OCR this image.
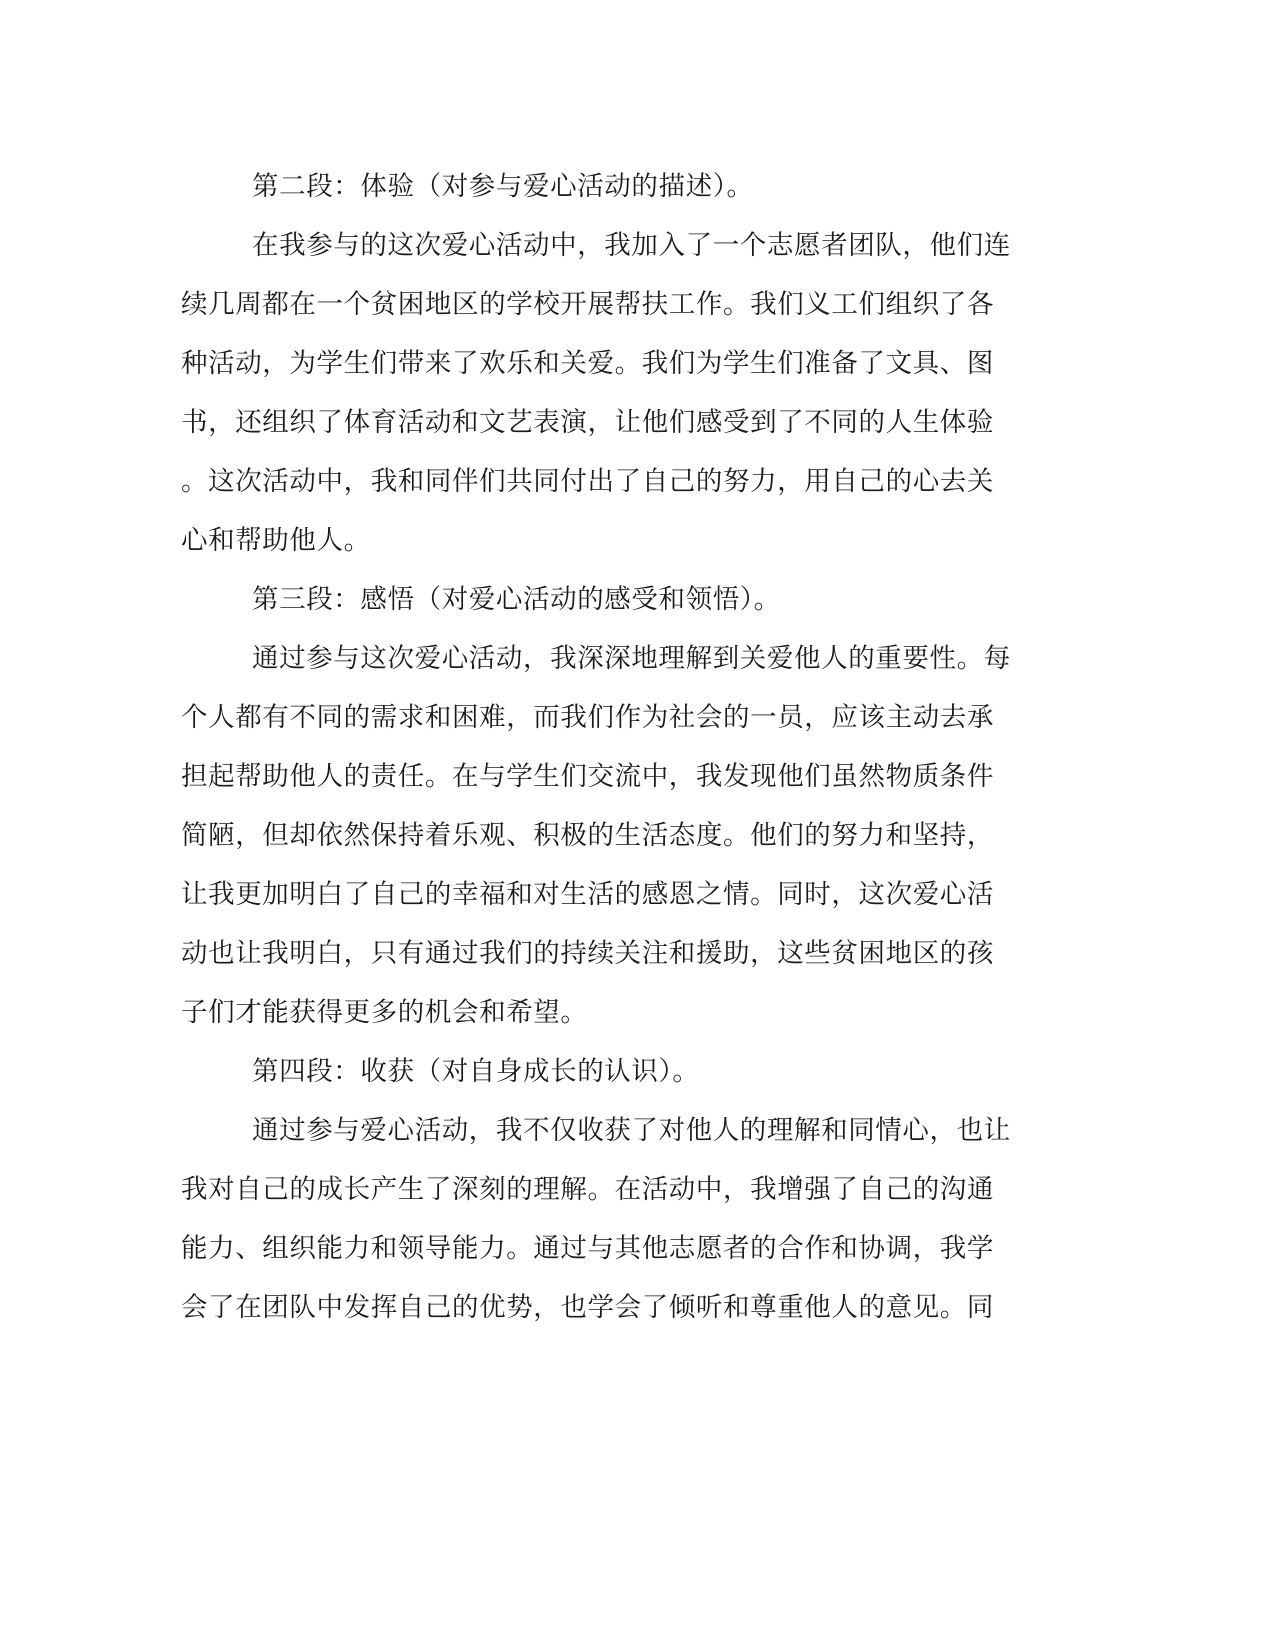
第二段：体验（对参与爱心活动的描述）。
在我参与的这次爱心活动中，我加入了一个志愿者团队，他们连
续几周都在一个贫困地区的学校开展帮扶工作。我们义工们组织了各
种活动，为学生们带来了欢乐和关爱。我们为学生们准备了文具、图
书，还组织了体育活动和文艺表演，让他们感受到了不同的人生体验
。这次活动中，我和同伴们共同付出了自己的努力，用自己的心去关
心和帮助他人。
第三段：感悟（对爱心活动的感受和领悟）。
通过参与这次爱心活动，我深深地理解到关爱他人的重要性。每
个人都有不同的需求和困难，而我们作为社会的一员，应该主动去承
担起帮助他人的责任。在与学生们交流中，我发现他们虽然物质条件
简陋，但却依然保持着乐观、积极的生活态度。他们的努力和坚持，
让我更加明白了自己的幸福和对生活的感恩之情。同时，这次爱心活
动也让我明白，只有通过我们的持续关注和援助，这些贫困地区的孩
子们才能获得更多的机会和希望。
第四段：收获（对自身成长的认识）。
通过参与爱心活动，我不仅收获了对他人的理解和同情心，也让
我对自己的成长产生了深刻的理解。在活动中，我增强了自己的沟通
能力、组织能力和领导能力。通过与其他志愿者的合作和协调，我学
会了在团队中发挥自己的优势，也学会了倾听和尊重他人的意见。同
